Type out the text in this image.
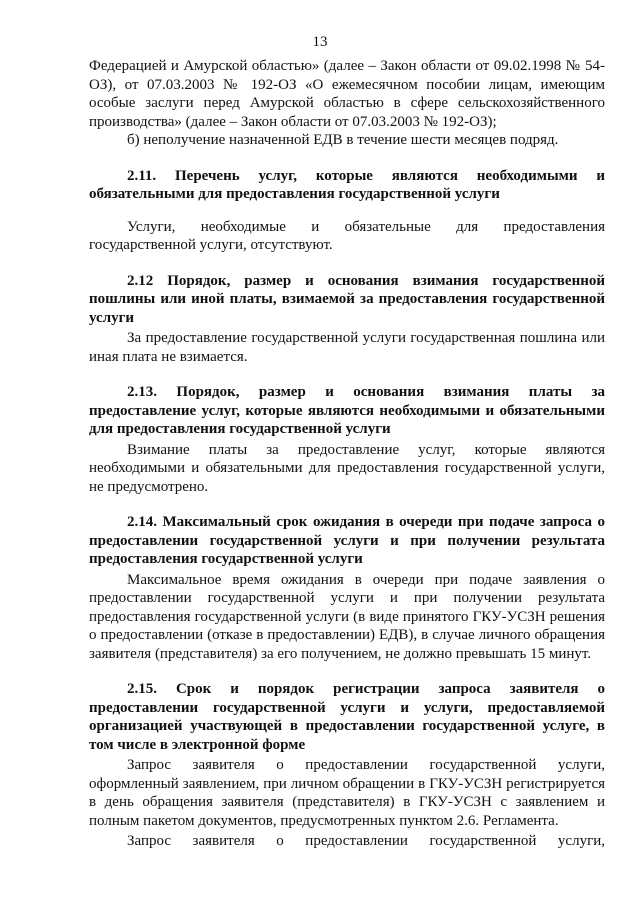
13

Федерацией и Амурской областью» (далее – Закон области от 09.02.1998 № 54-ОЗ), от 07.03.2003 № 192-ОЗ «О ежемесячном пособии лицам, имеющим особые заслуги перед Амурской областью в сфере сельскохозяйственного производства» (далее – Закон области от 07.03.2003 № 192-ОЗ);

б) неполучение назначенной ЕДВ в течение шести месяцев подряд.

2.11. Перечень услуг, которые являются необходимыми и обязательными для предоставления государственной услуги

Услуги, необходимые и обязательные для предоставления государственной услуги, отсутствуют.

2.12 Порядок, размер и основания взимания государственной пошлины или иной платы, взимаемой за предоставления государственной услуги

За предоставление государственной услуги государственная пошлина или иная плата не взимается.

2.13. Порядок, размер и основания взимания платы за предоставление услуг, которые являются необходимыми и обязательными для предоставления государственной услуги

Взимание платы за предоставление услуг, которые являются необходимыми и обязательными для предоставления государственной услуги, не предусмотрено.

2.14. Максимальный срок ожидания в очереди при подаче запроса о предоставлении государственной услуги и при получении результата предоставления государственной услуги

Максимальное время ожидания в очереди при подаче заявления о предоставлении государственной услуги и при получении результата предоставления государственной услуги (в виде принятого ГКУ-УСЗН решения о предоставлении (отказе в предоставлении) ЕДВ), в случае личного обращения заявителя (представителя) за его получением, не должно превышать 15 минут.

2.15. Срок и порядок регистрации запроса заявителя о предоставлении государственной услуги и услуги, предоставляемой организацией участвующей в предоставлении государственной услуге, в том числе в электронной форме

Запрос заявителя о предоставлении государственной услуги, оформленный заявлением, при личном обращении в ГКУ-УСЗН регистрируется в день обращения заявителя (представителя) в ГКУ-УСЗН с заявлением и полным пакетом документов, предусмотренных пунктом 2.6. Регламента.

Запрос заявителя о предоставлении государственной услуги,
